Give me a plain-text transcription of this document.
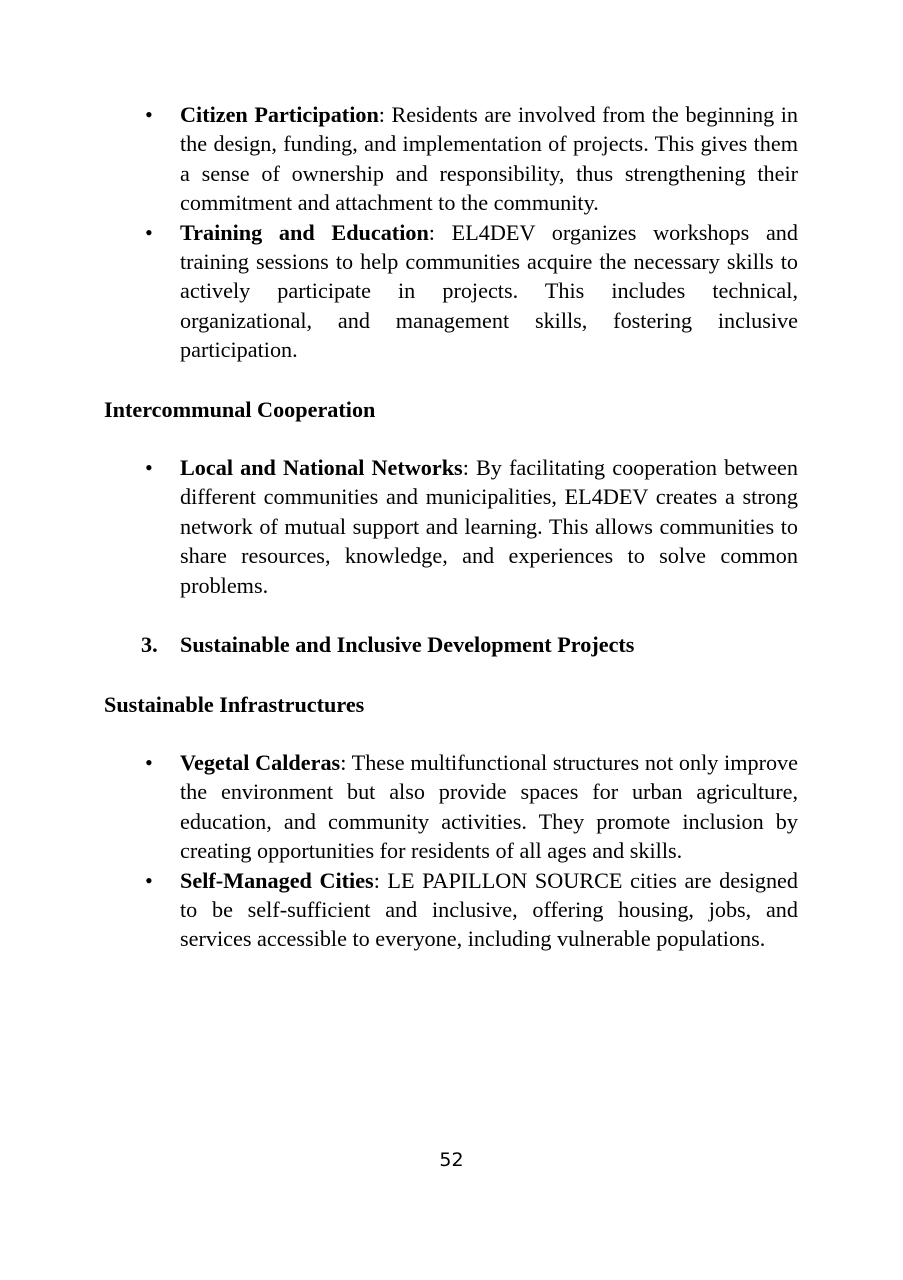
• Citizen Participation: Residents are involved from the beginning in the design, funding, and implementation of projects. This gives them a sense of ownership and responsibility, thus strengthening their commitment and attachment to the community.
• Training and Education: EL4DEV organizes workshops and training sessions to help communities acquire the necessary skills to actively participate in projects. This includes technical, organizational, and management skills, fostering inclusive participation.
Intercommunal Cooperation
• Local and National Networks: By facilitating cooperation between different communities and municipalities, EL4DEV creates a strong network of mutual support and learning. This allows communities to share resources, knowledge, and experiences to solve common problems.
3. Sustainable and Inclusive Development Projects
Sustainable Infrastructures
• Vegetal Calderas: These multifunctional structures not only improve the environment but also provide spaces for urban agriculture, education, and community activities. They promote inclusion by creating opportunities for residents of all ages and skills.
• Self-Managed Cities: LE PAPILLON SOURCE cities are designed to be self-sufficient and inclusive, offering housing, jobs, and services accessible to everyone, including vulnerable populations.
52
